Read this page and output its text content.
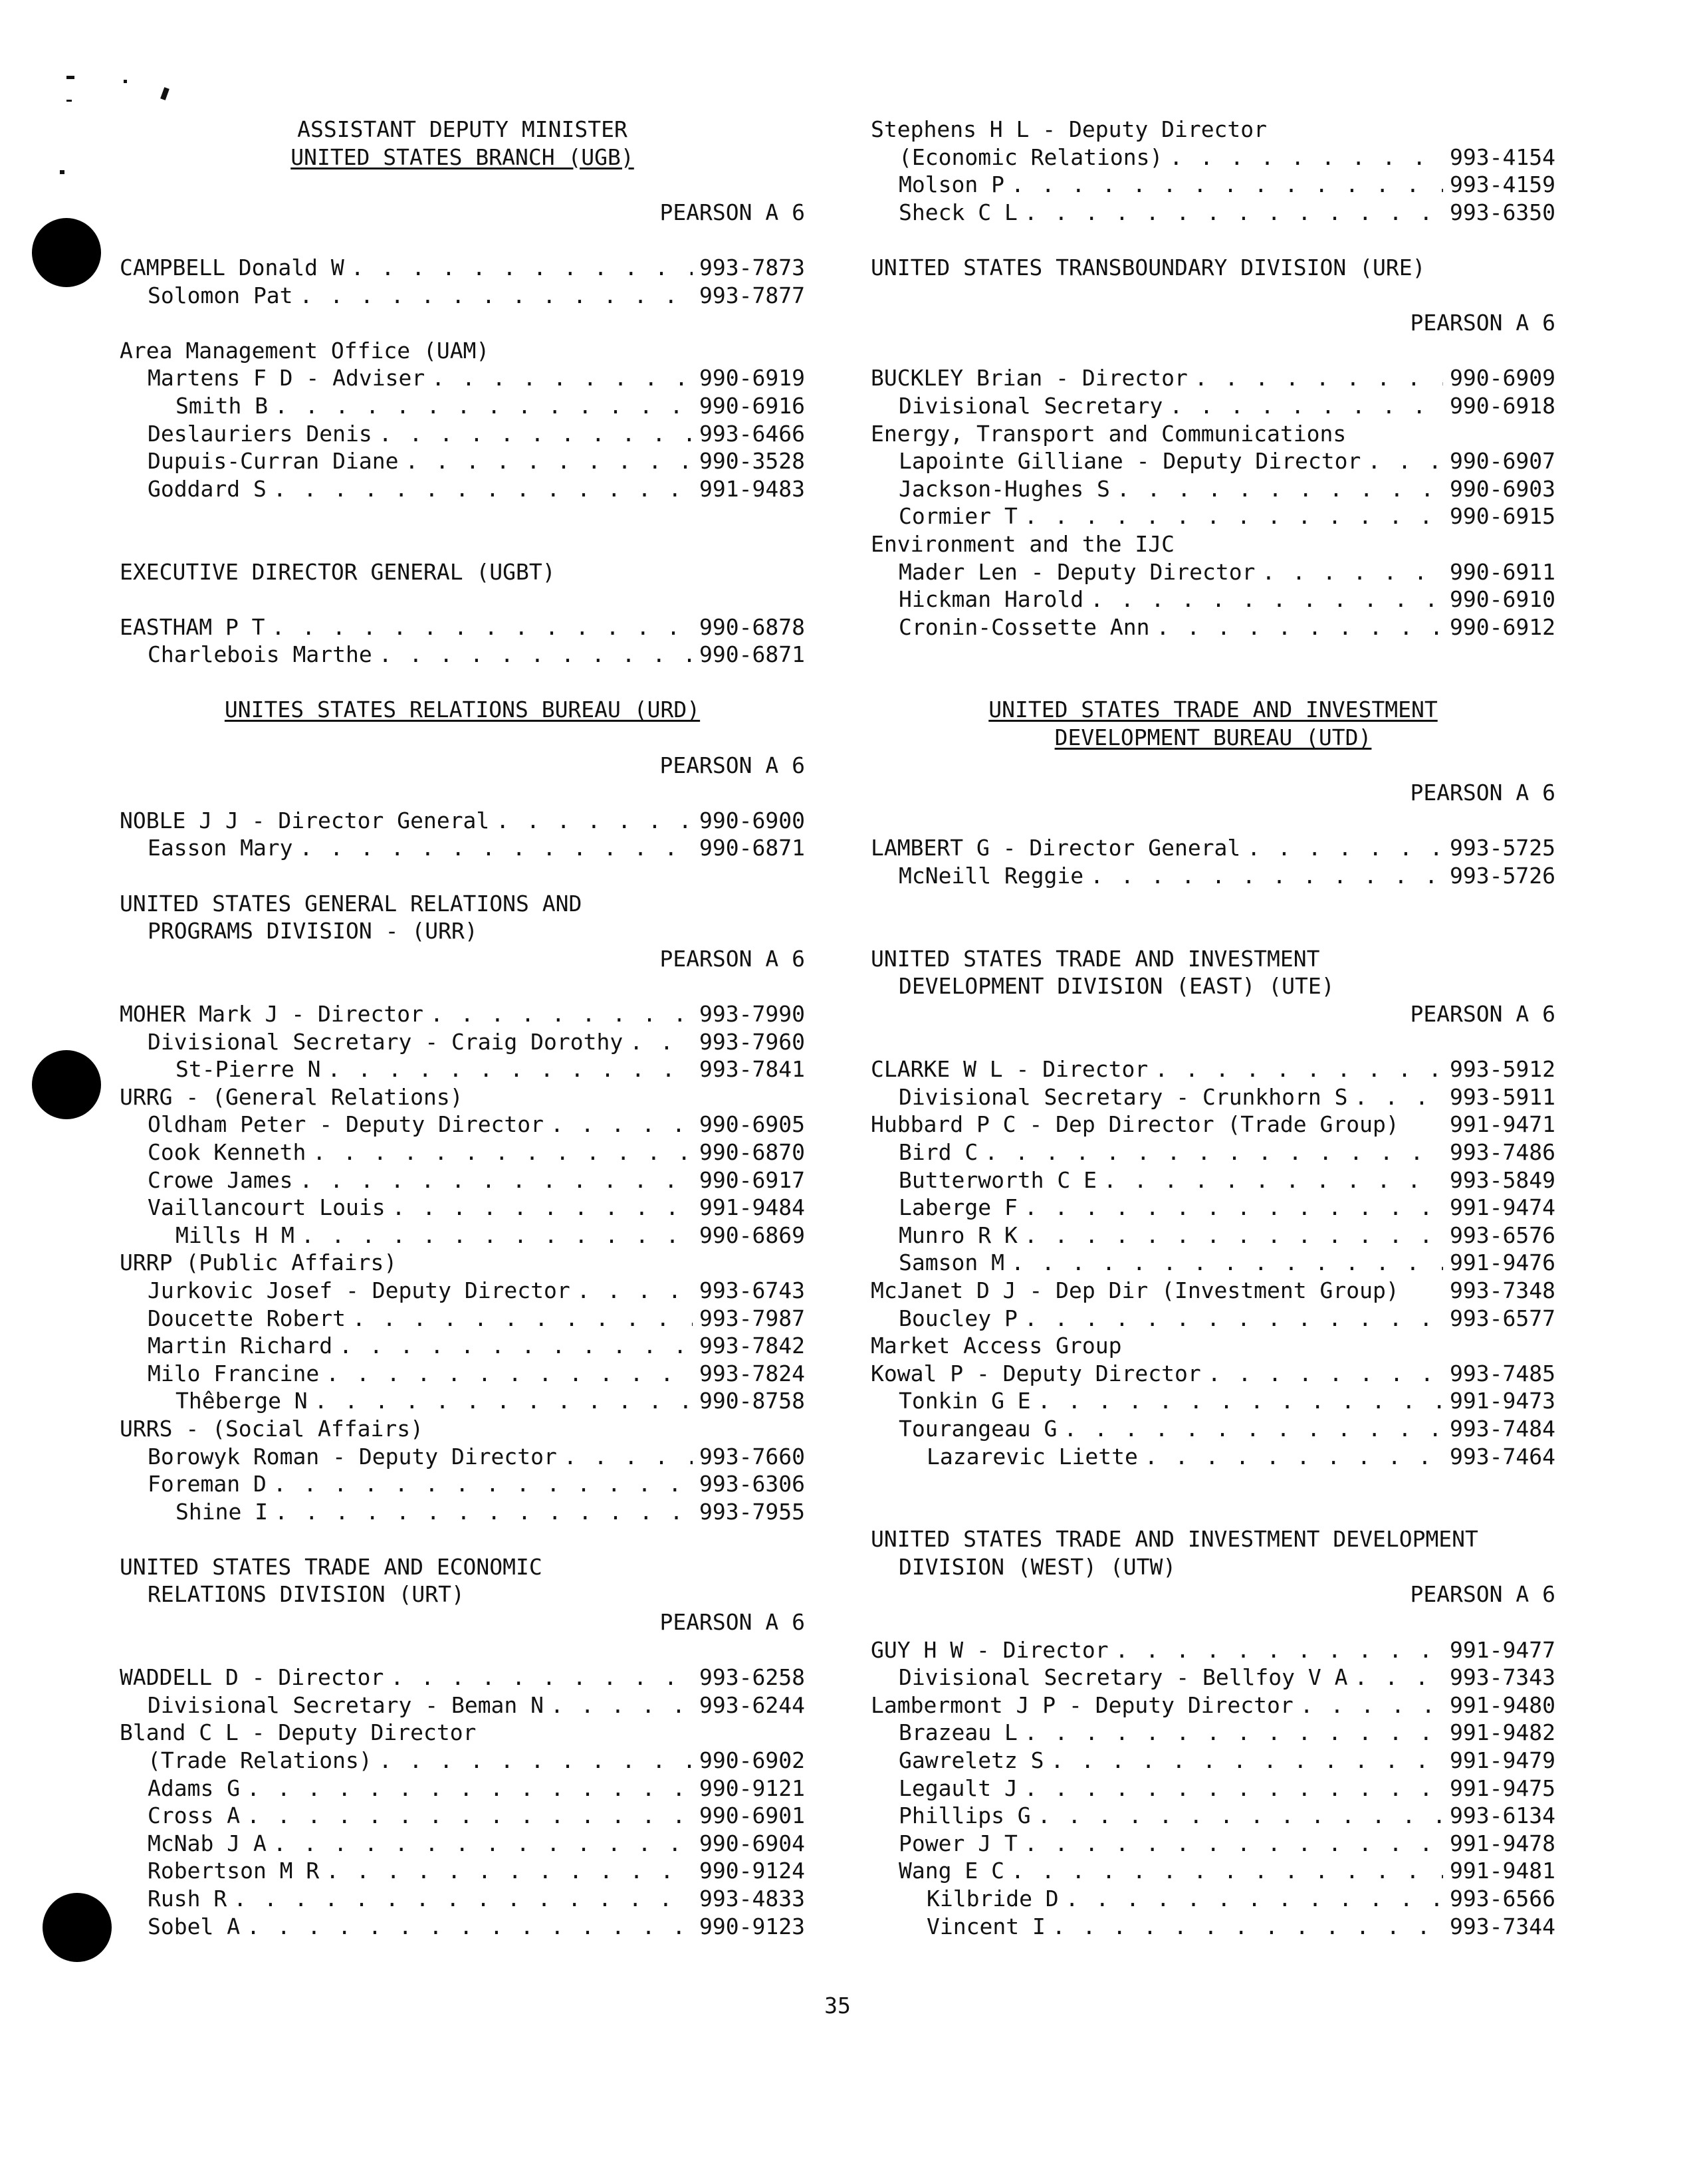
ASSISTANT DEPUTY MINISTER
UNITED STATES BRANCH (UGB)
PEARSON A 6
CAMPBELL Donald W . . .	993-7873
Solomon Pat . . .	993-7877
Area Management Office (UAM)
Martens F D - Adviser . . .	990-6919
Smith B . . .	990-6916
Deslauriers Denis . . .	993-6466
Dupuis-Curran Diane . . .	990-3528
Goddard S . . .	991-9483
EXECUTIVE DIRECTOR GENERAL (UGBT)
EASTHAM P T . . .	990-6878
Charlebois Marthe . . .	990-6871
UNITES STATES RELATIONS BUREAU (URD)
PEARSON A 6
NOBLE J J - Director General . . .	990-6900
Easson Mary . . .	990-6871
UNITED STATES GENERAL RELATIONS AND
PROGRAMS DIVISION - (URR)
PEARSON A 6
MOHER Mark J - Director . . .	993-7990
Divisional Secretary - Craig Dorothy . . .	993-7960
St-Pierre N . . .	993-7841
URRG - (General Relations)
Oldham Peter - Deputy Director . . .	990-6905
Cook Kenneth . . .	990-6870
Crowe James . . .	990-6917
Vaillancourt Louis . . .	991-9484
Mills H M . . .	990-6869
URRP (Public Affairs)
Jurkovic Josef - Deputy Director . . .	993-6743
Doucette Robert . . .	993-7987
Martin Richard . . .	993-7842
Milo Francine . . .	993-7824
Thêberge N . . .	990-8758
URRS - (Social Affairs)
Borowyk Roman - Deputy Director . . .	993-7660
Foreman D . . .	993-6306
Shine I . . .	993-7955
UNITED STATES TRADE AND ECONOMIC
RELATIONS DIVISION (URT)
PEARSON A 6
WADDELL D - Director . . .	993-6258
Divisional Secretary - Beman N . . .	993-6244
Bland C L - Deputy Director
(Trade Relations) . . .	990-6902
Adams G . . .	990-9121
Cross A . . .	990-6901
McNab J A . . .	990-6904
Robertson M R . . .	990-9124
Rush R . . .	993-4833
Sobel A . . .	990-9123
Stephens H L - Deputy Director
(Economic Relations) . . .	993-4154
Molson P . . .	993-4159
Sheck C L . . .	993-6350
UNITED STATES TRANSBOUNDARY DIVISION (URE)
PEARSON A 6
BUCKLEY Brian - Director . . .	990-6909
Divisional Secretary . . .	990-6918
Energy, Transport and Communications
Lapointe Gilliane - Deputy Director . . .	990-6907
Jackson-Hughes S . . .	990-6903
Cormier T . . .	990-6915
Environment and the IJC
Mader Len - Deputy Director . . .	990-6911
Hickman Harold . . .	990-6910
Cronin-Cossette Ann . . .	990-6912
UNITED STATES TRADE AND INVESTMENT
DEVELOPMENT BUREAU (UTD)
PEARSON A 6
LAMBERT G - Director General . . .	993-5725
McNeill Reggie . . .	993-5726
UNITED STATES TRADE AND INVESTMENT
DEVELOPMENT DIVISION (EAST) (UTE)
PEARSON A 6
CLARKE W L - Director . . .	993-5912
Divisional Secretary - Crunkhorn S . . .	993-5911
Hubbard P C - Dep Director (Trade Group) 991-9471
Bird C . . .	993-7486
Butterworth C E . . .	993-5849
Laberge F . . .	991-9474
Munro R K . . .	993-6576
Samson M . . .	991-9476
McJanet D J - Dep Dir (Investment Group) 993-7348
Boucley P . . .	993-6577
Market Access Group
Kowal P - Deputy Director . . .	993-7485
Tonkin G E . . .	991-9473
Tourangeau G . . .	993-7484
Lazarevic Liette . . .	993-7464
UNITED STATES TRADE AND INVESTMENT DEVELOPMENT
DIVISION (WEST) (UTW)
PEARSON A 6
GUY H W - Director . . .	991-9477
Divisional Secretary - Bellfoy V A . . .	993-7343
Lambermont J P - Deputy Director . . .	991-9480
Brazeau L . . .	991-9482
Gawreletz S . . .	991-9479
Legault J . . .	991-9475
Phillips G . . .	993-6134
Power J T . . .	991-9478
Wang E C . . .	991-9481
Kilbride D . . .	993-6566
Vincent I . . .	993-7344
35
